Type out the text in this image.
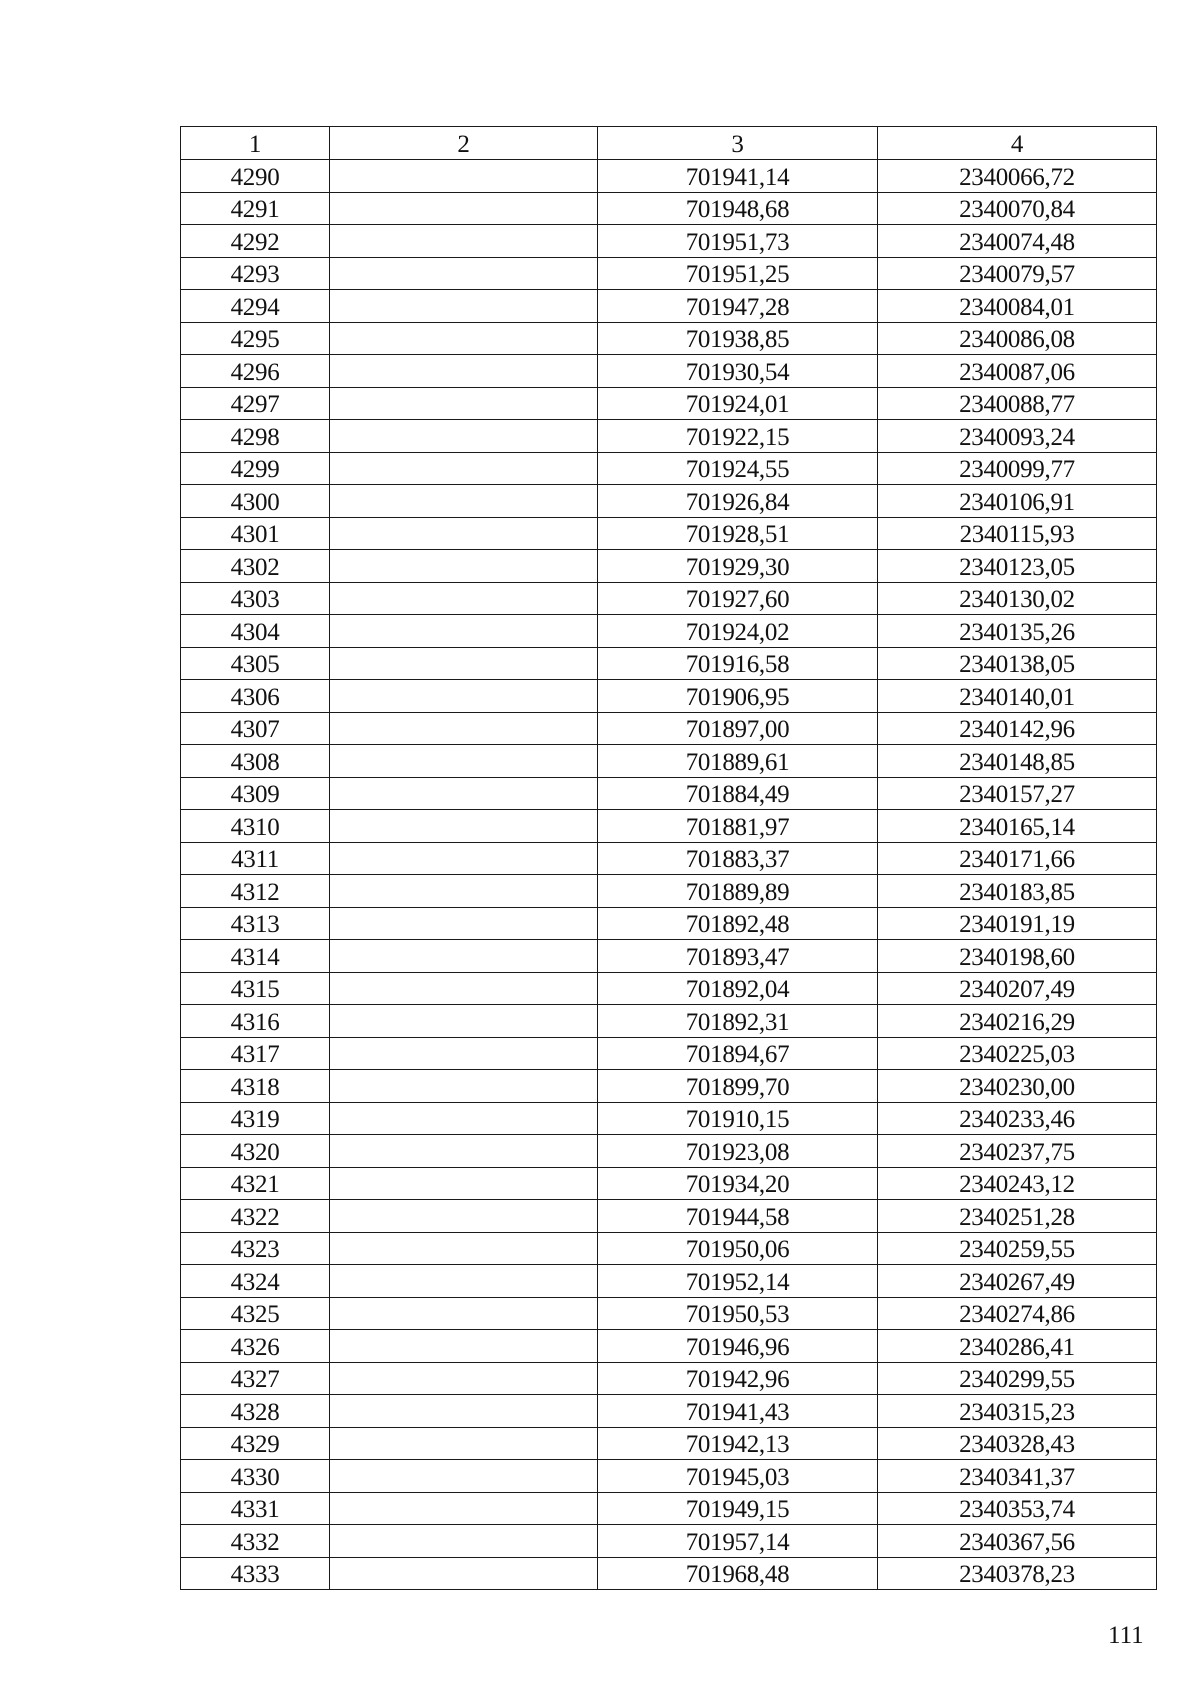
1	2	3	4
4290		701941,14	2340066,72
4291		701948,68	2340070,84
4292		701951,73	2340074,48
4293		701951,25	2340079,57
4294		701947,28	2340084,01
4295		701938,85	2340086,08
4296		701930,54	2340087,06
4297		701924,01	2340088,77
4298		701922,15	2340093,24
4299		701924,55	2340099,77
4300		701926,84	2340106,91
4301		701928,51	2340115,93
4302		701929,30	2340123,05
4303		701927,60	2340130,02
4304		701924,02	2340135,26
4305		701916,58	2340138,05
4306		701906,95	2340140,01
4307		701897,00	2340142,96
4308		701889,61	2340148,85
4309		701884,49	2340157,27
4310		701881,97	2340165,14
4311		701883,37	2340171,66
4312		701889,89	2340183,85
4313		701892,48	2340191,19
4314		701893,47	2340198,60
4315		701892,04	2340207,49
4316		701892,31	2340216,29
4317		701894,67	2340225,03
4318		701899,70	2340230,00
4319		701910,15	2340233,46
4320		701923,08	2340237,75
4321		701934,20	2340243,12
4322		701944,58	2340251,28
4323		701950,06	2340259,55
4324		701952,14	2340267,49
4325		701950,53	2340274,86
4326		701946,96	2340286,41
4327		701942,96	2340299,55
4328		701941,43	2340315,23
4329		701942,13	2340328,43
4330		701945,03	2340341,37
4331		701949,15	2340353,74
4332		701957,14	2340367,56
4333		701968,48	2340378,23
111
